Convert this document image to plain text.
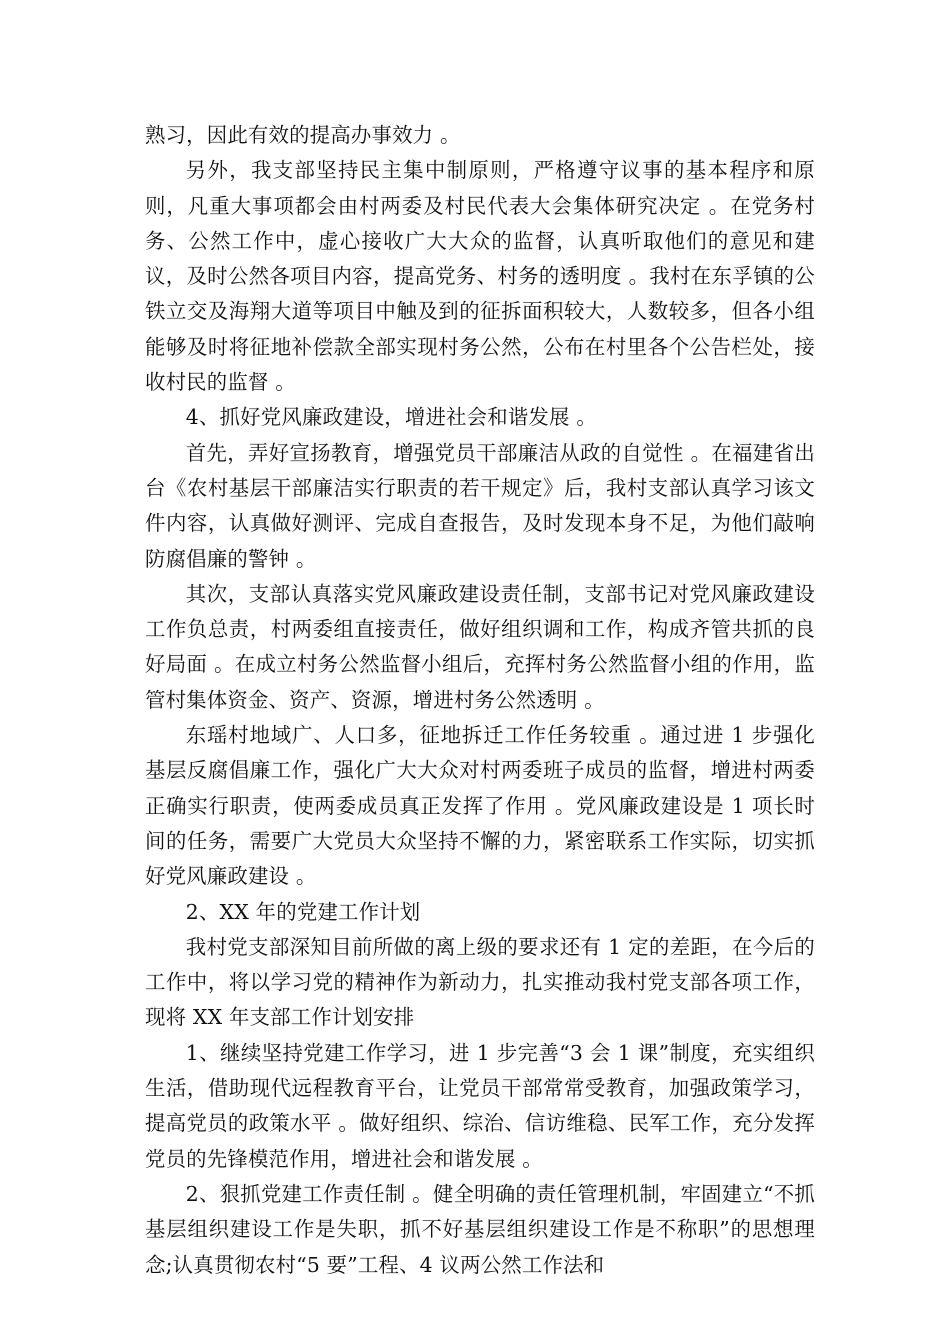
熟习，因此有效的提高办事效力 。

另外，我支部坚持民主集中制原则，严格遵守议事的基本程序和原则，凡重大事项都会由村两委及村民代表大会集体研究决定 。在党务村务、公然工作中，虚心接收广大大众的监督，认真听取他们的意见和建议，及时公然各项目内容，提高党务、村务的透明度 。我村在东孚镇的公铁立交及海翔大道等项目中触及到的征拆面积较大，人数较多，但各小组能够及时将征地补偿款全部实现村务公然，公布在村里各个公告栏处，接收村民的监督 。

4、抓好党风廉政建设，增进社会和谐发展 。

首先，弄好宣扬教育，增强党员干部廉洁从政的自觉性 。在福建省出台《农村基层干部廉洁实行职责的若干规定》后，我村支部认真学习该文件内容，认真做好测评、完成自查报告，及时发现本身不足，为他们敲响防腐倡廉的警钟 。

其次，支部认真落实党风廉政建设责任制，支部书记对党风廉政建设工作负总责，村两委组直接责任，做好组织调和工作，构成齐管共抓的良好局面 。在成立村务公然监督小组后，充挥村务公然监督小组的作用，监管村集体资金、资产、资源，增进村务公然透明 。

东瑶村地域广、人口多，征地拆迁工作任务较重 。通过进 1 步强化基层反腐倡廉工作，强化广大大众对村两委班子成员的监督，增进村两委正确实行职责，使两委成员真正发挥了作用 。党风廉政建设是 1 项长时间的任务，需要广大党员大众坚持不懈的力，紧密联系工作实际，切实抓好党风廉政建设 。

2、XX 年的党建工作计划

我村党支部深知目前所做的离上级的要求还有 1 定的差距，在今后的工作中，将以学习党的精神作为新动力，扎实推动我村党支部各项工作，现将 XX 年支部工作计划安排

1、继续坚持党建工作学习，进 1 步完善“3 会 1 课”制度，充实组织生活，借助现代远程教育平台，让党员干部常常受教育，加强政策学习，提高党员的政策水平 。做好组织、综治、信访维稳、民军工作，充分发挥党员的先锋模范作用，增进社会和谐发展 。

2、狠抓党建工作责任制 。健全明确的责任管理机制，牢固建立“不抓基层组织建设工作是失职，抓不好基层组织建设工作是不称职”的思想理念;认真贯彻农村“5 要”工程、4 议两公然工作法和
